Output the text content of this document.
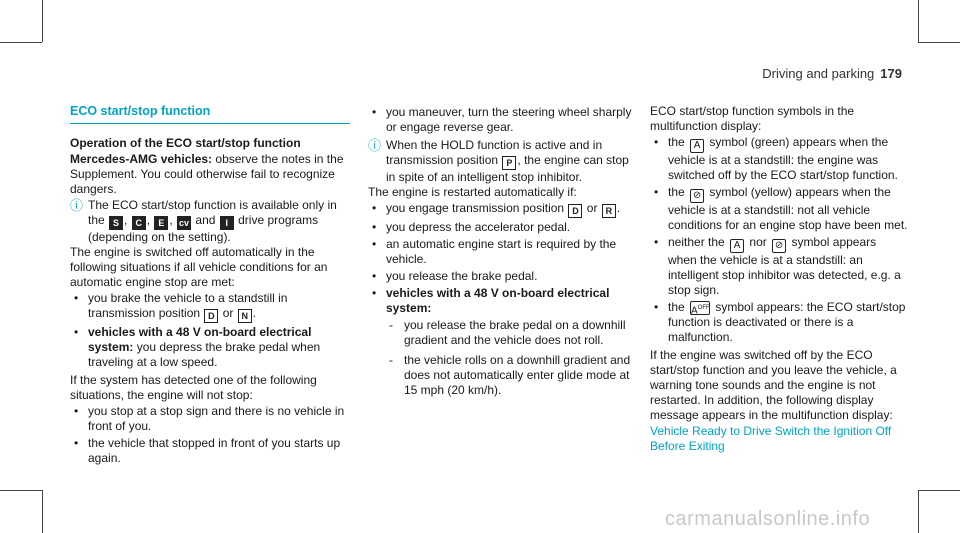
Driving and parking 179
ECO start/stop function

Operation of the ECO start/stop function

Mercedes-AMG vehicles: observe the notes in the Supplement. You could otherwise fail to recognize dangers.

ⓘ The ECO start/stop function is available only in the S , C , E , cv and I drive programs (depending on the setting).

The engine is switched off automatically in the following situations if all vehicle conditions for an automatic engine stop are met:

• you brake the vehicle to a standstill in transmission position D or N .
• vehicles with a 48 V on-board electrical system: you depress the brake pedal when traveling at a low speed.

If the system has detected one of the following situations, the engine will not stop:

• you stop at a stop sign and there is no vehicle in front of you.
• the vehicle that stopped in front of you starts up again.
• you maneuver, turn the steering wheel sharply or engage reverse gear.
ⓘ When the HOLD function is active and in transmission position P , the engine can stop in spite of an intelligent stop inhibitor.

The engine is restarted automatically if:

• you engage transmission position D or R .
• you depress the accelerator pedal.
• an automatic engine start is required by the vehicle.
• you release the brake pedal.
• vehicles with a 48 V on-board electrical system:
- you release the brake pedal on a downhill gradient and the vehicle does not roll.
- the vehicle rolls on a downhill gradient and does not automatically enter glide mode at 15 mph (20 km/h).

ECO start/stop function symbols in the multifunction display:

• the A symbol (green) appears when the vehicle is at a standstill: the engine was switched off by the ECO start/stop function.
• the ⊘ symbol (yellow) appears when the vehicle is at a standstill: not all vehicle conditions for an engine stop have been met.
• neither the A nor ⊘ symbol appears when the vehicle is at a standstill: an intelligent stop inhibitor was detected, e.g. a stop sign.
• the $A^{OFF}$ symbol appears: the ECO start/stop function is deactivated or there is a malfunction.

If the engine was switched off by the ECO start/stop function and you leave the vehicle, a warning tone sounds and the engine is not restarted. In addition, the following display message appears in the multifunction display:

Vehicle Ready to Drive Switch the Ignition Off Before Exiting

carmanualsonline.info
